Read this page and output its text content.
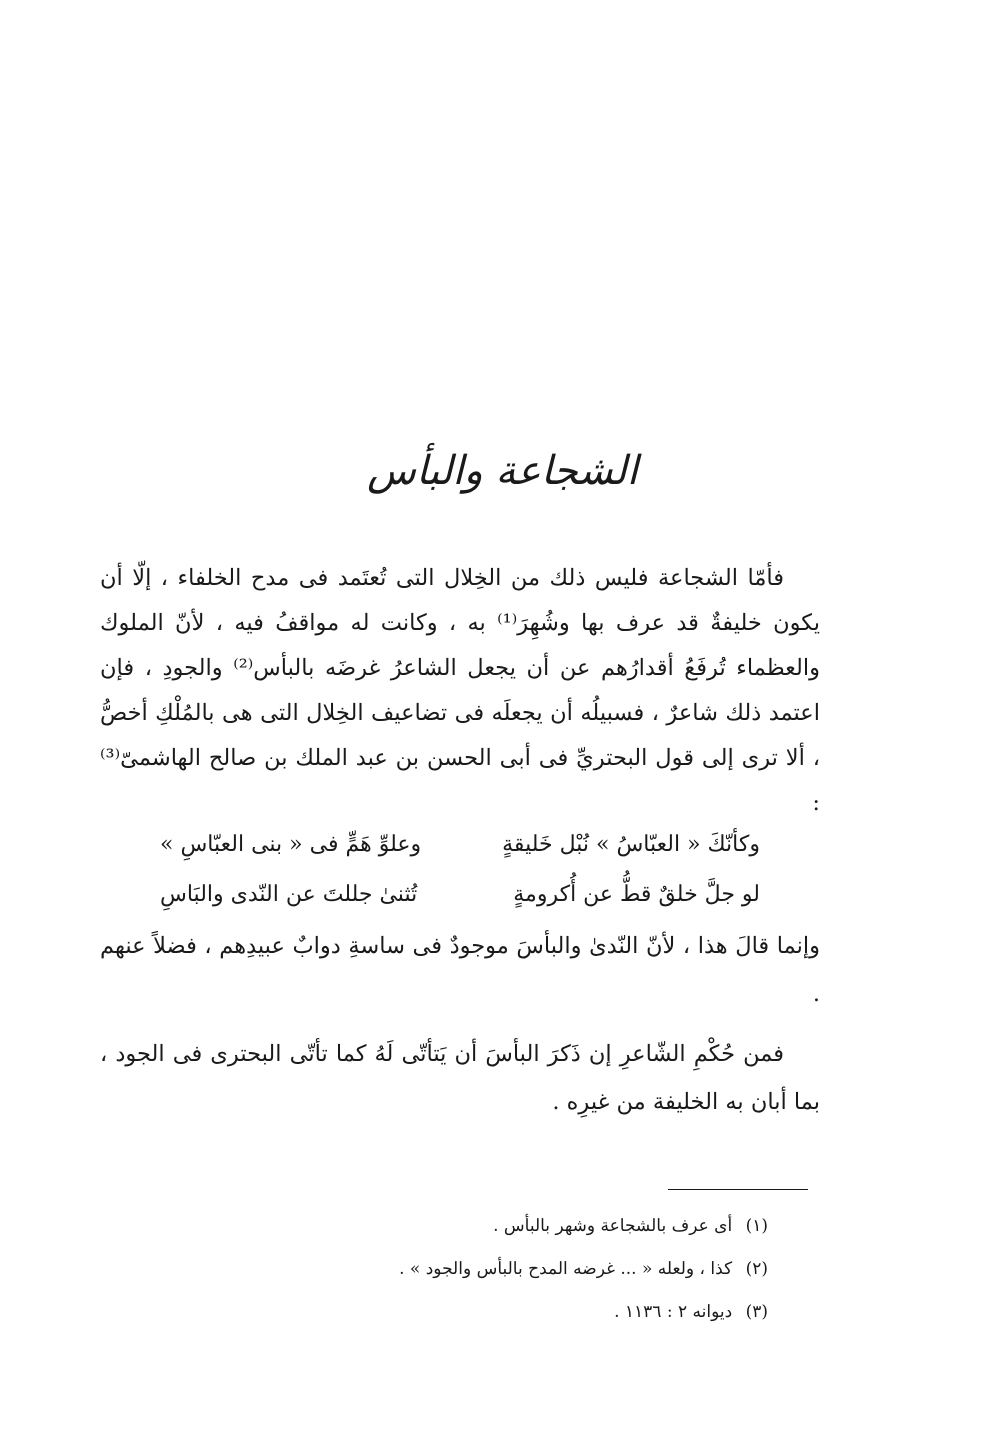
الشجاعة والبأس

فأمّا الشجاعة فليس ذلك من الخِلال التى تُعتَمد فى مدح الخلفاء ، إلّا أن يكون خليفةٌ قد عرف بها وشُهِرَ⁽¹⁾ به ، وكانت له مواقفُ فيه ، لأنّ الملوك والعظماء تُرفَعُ أقدارُهم عن أن يجعل الشاعرُ غرضَه بالبأس⁽²⁾ والجودِ ، فإن اعتمد ذلك شاعرٌ ، فسبيلُه أن يجعلَه فى تضاعيف الخِلال التى هى بالمُلْكِ أخصُّ ، ألا ترى إلى قول البحتريِّ فى أبى الحسن بن عبد الملك بن صالح الهاشمىّ⁽³⁾ :

وكأنّكَ « العبّاسُ » نُبْل خَليقةٍ
وعلوِّ هَمٍّ فى « بنى العبّاسِ »
لو جلَّ خلقٌ قطُّ عن أُكرومةٍ
تُثنىٰ جللتَ عن النّدى والبَاسِ

وإنما قالَ هذا ، لأنّ النّدىٰ والبأسَ موجودٌ فى ساسةِ دوابٌ عبيدِهم ، فضلاً عنهم .

فمن حُكْمِ الشّاعرِ إن ذَكرَ البأسَ أن يَتأتّى لَهُ كما تأتّى البحترى فى الجود ، بما أبان به الخليفة من غيرِه .

(١) أى عرف بالشجاعة وشهر بالبأس .
(٢) كذا ، ولعله « ... غرضه المدح بالبأس والجود » .
(٣) ديوانه ٢ : ١١٣٦ .
